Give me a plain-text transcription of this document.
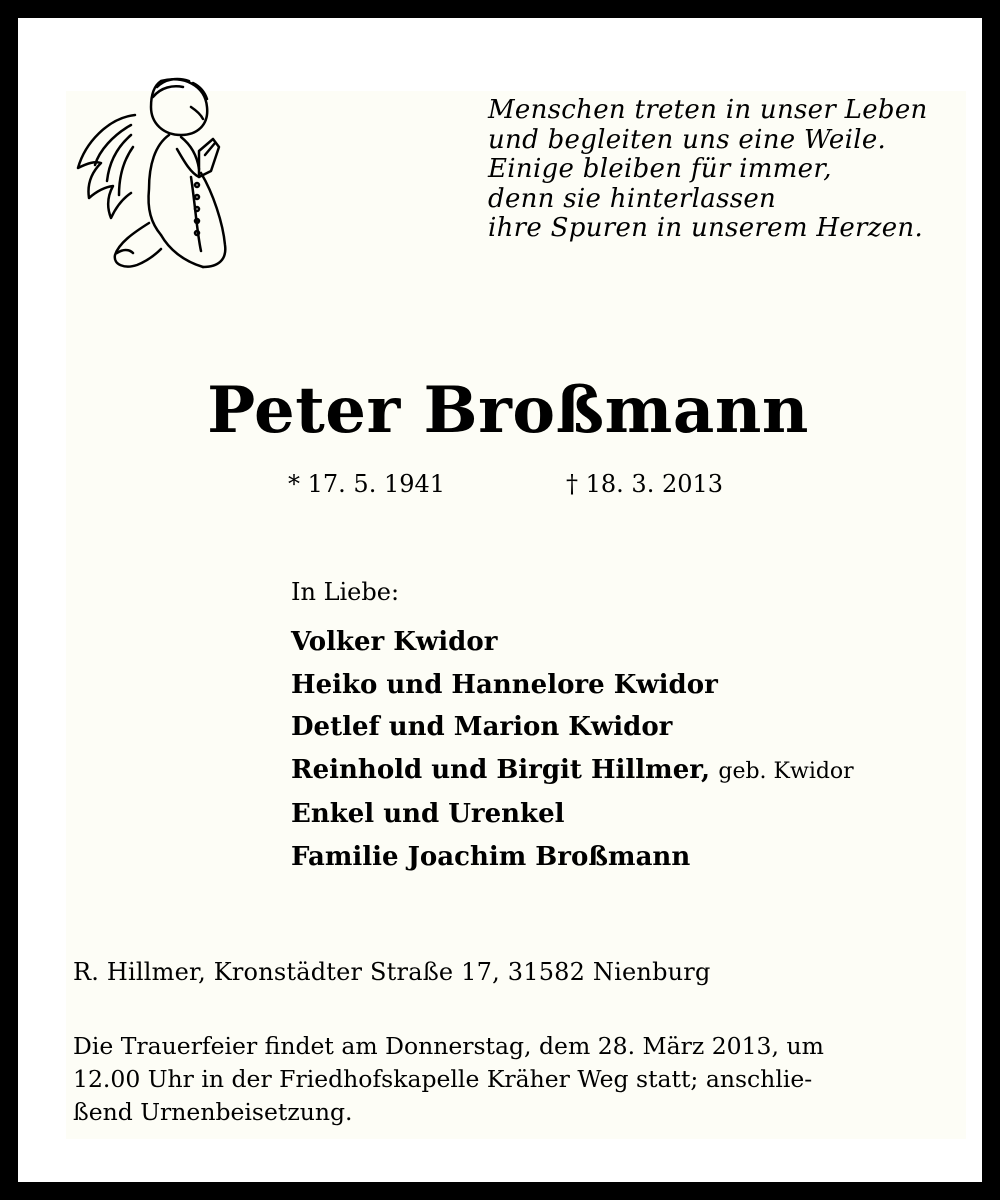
Menschen treten in unser Leben
und begleiten uns eine Weile.
Einige bleiben für immer,
denn sie hinterlassen
ihre Spuren in unserem Herzen.
Peter Broßmann
* 17. 5. 1941	† 18. 3. 2013
In Liebe:
Volker Kwidor
Heiko und Hannelore Kwidor
Detlef und Marion Kwidor
Reinhold und Birgit Hillmer, geb. Kwidor
Enkel und Urenkel
Familie Joachim Broßmann
R. Hillmer, Kronstädter Straße 17, 31582 Nienburg
Die Trauerfeier findet am Donnerstag, dem 28. März 2013, um
12.00 Uhr in der Friedhofskapelle Kräher Weg statt; anschlie-
ßend Urnenbeisetzung.
